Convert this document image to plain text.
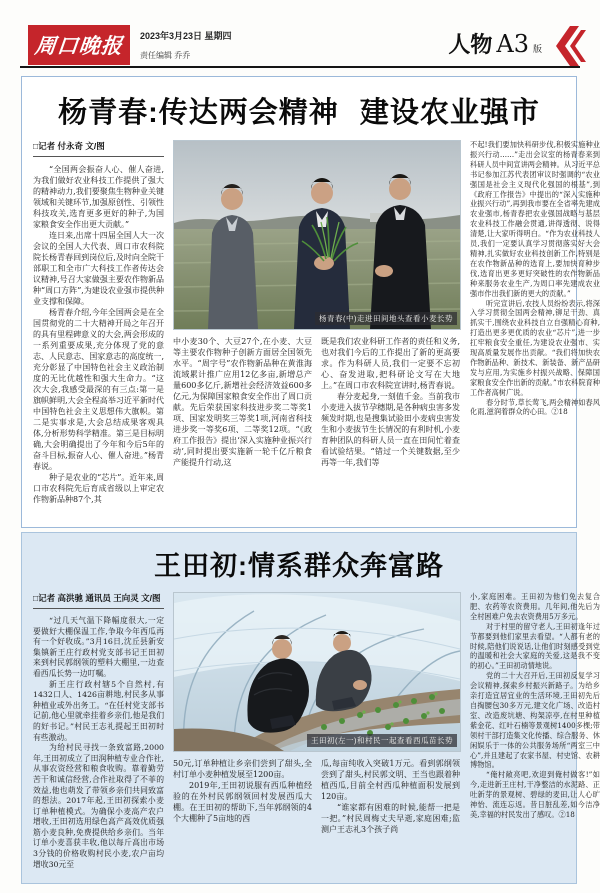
周口晚报 2023年3月23日 星期四
责任编辑 乔乔	人物 A3 版
杨青春:传达两会精神 建设农业强市
□记者 付永奇 文/图

“全国两会振奋人心、催人奋进,为我们做好农业科技工作提供了强大的精神动力,我们要聚焦生物种业关键领域和关键环节,加强原创性、引领性科技攻关,选育更多更好的种子,为国家粮食安全作出更大贡献。”

连日来,出席十四届全国人大一次会议的全国人大代表、周口市农科院院长杨青春回到岗位后,及时向全院干部职工和全市广大科技工作者传达会议精神,号召大家做强主要农作物新品种“周口方阵”,为建设农业强市提供种业支撑和保障。

杨青春介绍,今年全国两会是在全国贯彻党的二十大精神开局之年召开的具有里程碑意义的大会,两会形成的一系列重要成果,充分体现了党的意志、人民意志、国家意志的高度统一,充分彰显了中国特色社会主义政治制度的无比优越性和强大生命力。“这次大会,我感受最深的有三点:第一是旗帜鲜明,大会全程高举习近平新时代中国特色社会主义思想伟大旗帜。第二是实事求是,大会总结成果客观具体,分析形势科学精准。第三是目标明确,大会明确提出了今年和今后5年的奋斗目标,振奋人心、催人奋进。”杨青春说。

种子是农业的“芯片”。近年来,周口市农科院先后育成省级以上审定农作物新品种87个,其

杨青春(中)走进田间地头查看小麦长势

中小麦30个、大豆27个,在小麦、大豆等主要农作物种子创新方面居全国领先水平。“周字号”农作物新品种在黄淮海流域累计推广应用12亿多亩,新增总产量600多亿斤,新增社会经济效益600多亿元,为保障国家粮食安全作出了周口贡献。先后荣获国家科技进步奖二等奖1项、国家发明奖三等奖1项,河南省科技进步奖一等奖6项、二等奖12项。“《政府工作报告》提出‘深入实施种业振兴行动’,同时提出要实施新一轮千亿斤粮食产能提升行动,这

既是我们农业科研工作者的责任和义务,也对我们今后的工作提出了新的更高要求。作为科研人员,我们一定要不忘初心、奋发进取,把科研论文写在大地上。”在周口市农科院宣讲时,杨青春说。

春分麦起身,一刻值千金。当前我市小麦进入拔节孕穗期,是各种病虫害多发频发时期,也是搜集试验田小麦病虫害发生和小麦拔节生长情况的有利时机,小麦育种团队的科研人员一直在田间忙着查看试验结果。“错过一个关键数据,至少再等一年,我们等

不起!我们要加快科研步伐,积极实施种业振兴行动……”走出会议室的杨青春来到科研人员中间宣讲两会精神。从习近平总书记参加江苏代表团审议时强调的“农业强国是社会主义现代化强国的根基”,到《政府工作报告》中提出的“深入实施种业振兴行动”,再到我市要在全省率先建成农业强市,杨青春把农业强国战略与基层农业科技工作融会贯通,讲得透彻、说得清楚,让大家听得明白。“作为农业科技人员,我们一定要认真学习贯彻落实好大会精神,扎实做好农业科技创新工作,特别是在农作物新品种的选育上,要加快育种步伐,选育出更多更好突破性的农作物新品种来服务农业生产,为周口率先建成农业强市作出我们新的更大的贡献。”

听完宣讲后,农技人员纷纷表示,将深入学习贯彻全国两会精神,铆足干劲、真抓实干,围绕农业科技自立自强精心育种,打造出更多更优质的农业“芯片”,进一步扛牢粮食安全重任,为建设农业强市、实现高质量发展作出贡献。“我们将加快农作物新品种、新技术、新装备、新产品研发与应用,为实施乡村振兴战略、保障国家粮食安全作出新的贡献。”市农科院育种工作者高树广说。

春分时节,草长莺飞,两会精神如春风化雨,滋润着群众的心田。②18

王田初:情系群众奔富路
□记者 高洪驰 通讯员 王向灵 文/图

“过几天气温下降幅度很大,一定要做好大棚保温工作,争取今年西瓜再有一个好收成。”3月16日,沈丘县新安集镇新王庄行政村党支部书记王田初来到村民郭纲领的塑料大棚里,一边查看西瓜长势一边叮嘱。

新王庄行政村辖5个自然村,有1432口人、1426亩耕地,村民多从事种植业或外出务工。“在任村党支部书记前,他心里就牵挂着乡亲们,他是我们的好书记。”村民王志礼提起王田初时有些激动。

为给村民寻找一条致富路,2000年,王田初成立了田润种植专业合作社,从事农资经营和粮食收购。靠着勤劳苦干和诚信经营,合作社取得了不菲的效益,他也萌发了带领乡亲们共同致富的想法。2017年起,王田初探索小麦订单种植模式。为确保小麦高产农户增收,王田初选用绿色高产高效优质强筋小麦良种,免费提供给乡亲们。当年订单小麦喜获丰收,他以每斤高出市场3分钱的价格收购村民小麦,农户亩均增收30元至

王田初(左一)和村民一起查看西瓜苗长势

50元,订单种植让乡亲们尝到了甜头,全村订单小麦种植发展至1200亩。

2019年,王田初说服有西瓜种植经验的在外村民郭纲领回村发展西瓜大棚。在王田初的帮助下,当年郭纲领的4个大棚种了5亩地的西

瓜,每亩纯收入突破1万元。看到郭纲领尝到了甜头,村民郭文明、王当也跟着种植西瓜,目前全村西瓜种植面积发展到120亩。

“谁家都有困难的时候,能帮一把是一把。”村民周梅丈夫早逝,家庭困难;监测户王志礼3个孩子尚

小,家庭困难。王田初为他们免去复合肥、农药等农资费用。几年间,他先后为全村困难户免去农资费用5万多元。

对于村里的留守老人,王田初逢年过节都要到他们家里去看望。“人都有老的时候,陪他们说说话,让他们时刻感受到党的温暖和社会大家庭的关爱,这是我不变的初心。”王田初动情地说。

党的二十大召开后,王田初反复学习会议精神,探索乡村振兴新路子。为给乡亲打造宜居宜业的生活环境,王田初先后自掏腰包30多万元,建文化广场、改造村室、改造废坑塘、构架凉亭,在村里种植紫金花、红叶石楠等景观树1400多棵;带领村干部打造集文化传播、综合服务、休闲娱乐于一体的公共服务场所“两室三中心”,并且建起了农家书屋、村史馆、农耕博物馆。

“俺村敞亮吧,欢迎到俺村做客!”如今,走进新王庄村,干净整洁的水泥路、正吐新芽的景观树、碧绿的麦田,让人心旷神怡、流连忘返。昔日脏乱差,如今洁净美,幸福的村民发出了感叹。②18
